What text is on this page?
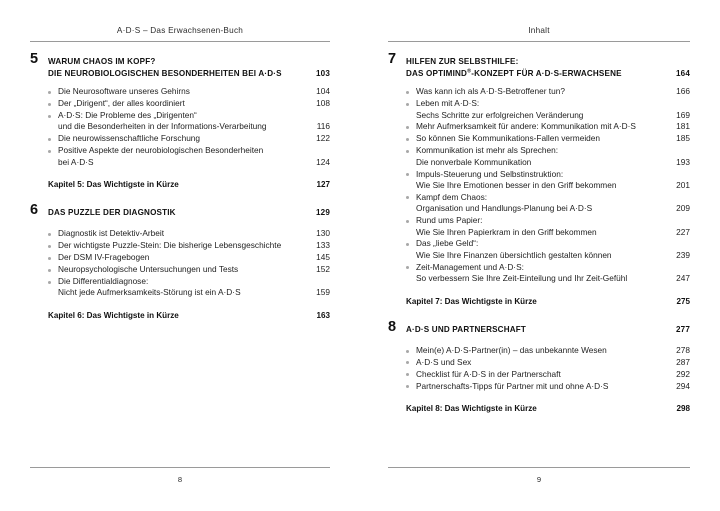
A·D·S – Das Erwachsenen-Buch
5 WARUM CHAOS IM KOPF?
DIE NEUROBIOLOGISCHEN BESONDERHEITEN BEI A·D·S	103
Die Neurosoftware unseres Gehirns	104
Der „Dirigent“, der alles koordiniert	108
A·D·S: Die Probleme des „Dirigenten“
und die Besonderheiten in der Informations-Verarbeitung	116
Die neurowissenschaftliche Forschung	122
Positive Aspekte der neurobiologischen Besonderheiten
bei A·D·S	124
Kapitel 5: Das Wichtigste in Kürze	127
6 DAS PUZZLE DER DIAGNOSTIK	129
Diagnostik ist Detektiv-Arbeit	130
Der wichtigste Puzzle-Stein: Die bisherige Lebensgeschichte	133
Der DSM IV-Fragebogen	145
Neuropsychologische Untersuchungen und Tests	152
Die Differentialdiagnose:
Nicht jede Aufmerksamkeits-Störung ist ein A·D·S	159
Kapitel 6: Das Wichtigste in Kürze	163
8
Inhalt
7 HILFEN ZUR SELBSTHILFE:
DAS OPTIMIND®-KONZEPT FÜR A·D·S-ERWACHSENE	164
Was kann ich als A·D·S-Betroffener tun?	166
Leben mit A·D·S:
Sechs Schritte zur erfolgreichen Veränderung	169
Mehr Aufmerksamkeit für andere: Kommunikation mit A·D·S	181
So können Sie Kommunikations-Fallen vermeiden	185
Kommunikation ist mehr als Sprechen:
Die nonverbale Kommunikation	193
Impuls-Steuerung und Selbstinstruktion:
Wie Sie Ihre Emotionen besser in den Griff bekommen	201
Kampf dem Chaos:
Organisation und Handlungs-Planung bei A·D·S	209
Rund ums Papier:
Wie Sie Ihren Papierkram in den Griff bekommen	227
Das „liebe Geld“:
Wie Sie Ihre Finanzen übersichtlich gestalten können	239
Zeit-Management und A·D·S:
So verbessern Sie Ihre Zeit-Einteilung und Ihr Zeit-Gefühl	247
Kapitel 7: Das Wichtigste in Kürze	275
8 A·D·S UND PARTNERSCHAFT	277
Mein(e) A·D·S-Partner(in) – das unbekannte Wesen	278
A·D·S und Sex	287
Checklist für A·D·S in der Partnerschaft	292
Partnerschafts-Tipps für Partner mit und ohne A·D·S	294
Kapitel 8: Das Wichtigste in Kürze	298
9
